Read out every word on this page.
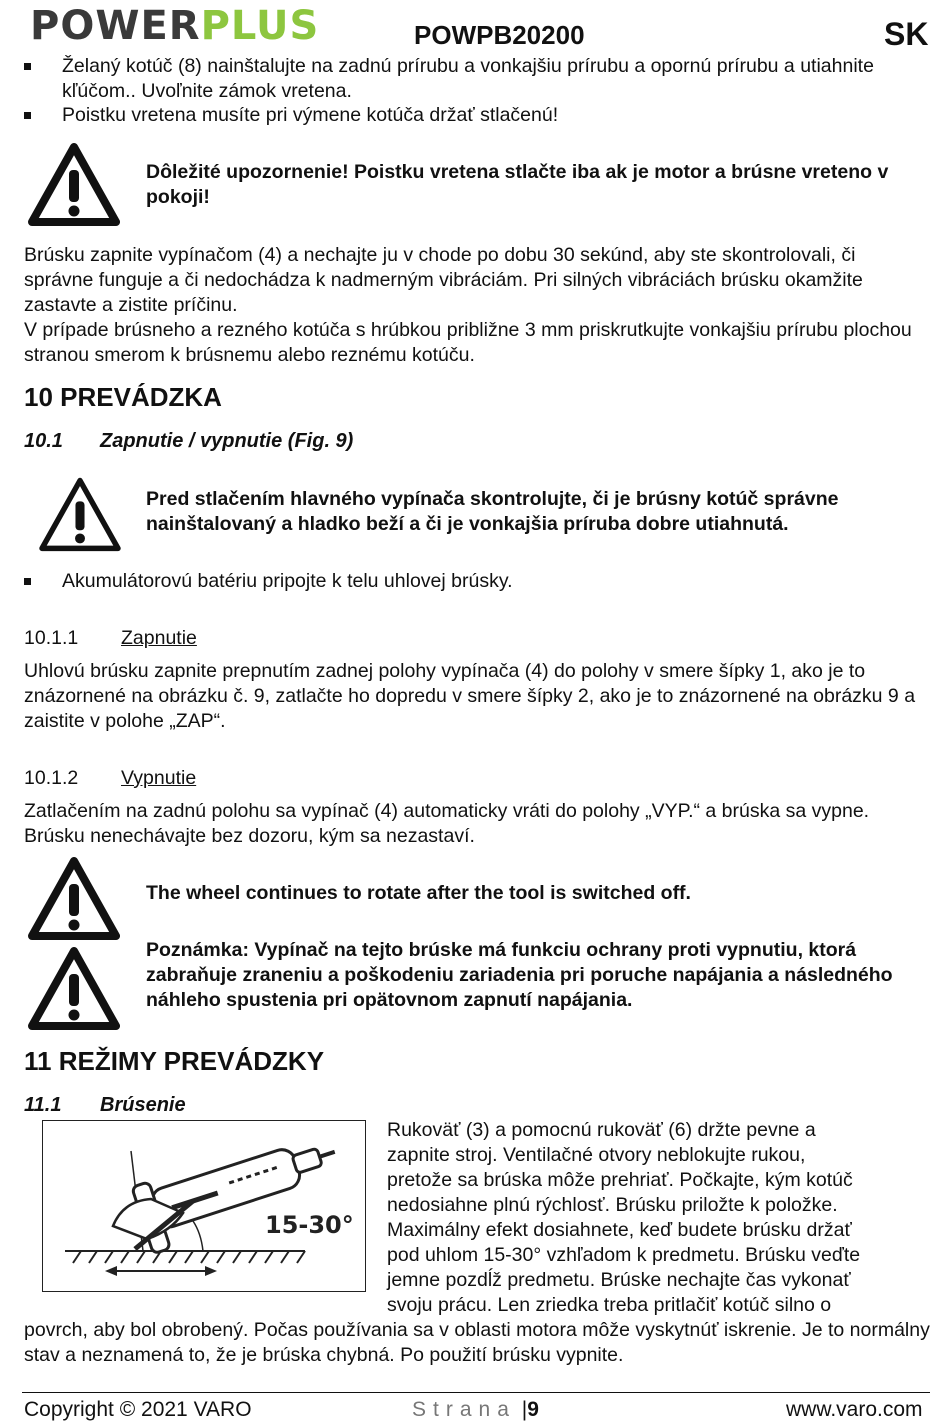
POWERPLUS	POWPB20200	SK
Želaný kotúč (8) nainštalujte na zadnú prírubu a vonkajšiu prírubu a opornú prírubu a utiahnite kľúčom.. Uvoľnite zámok vretena.
Poistku vretena musíte pri výmene kotúča držať stlačenú!
Dôležité upozornenie! Poistku vretena stlačte iba ak je motor a brúsne vreteno v pokoji!
Brúsku zapnite vypínačom (4) a nechajte ju v chode po dobu 30 sekúnd, aby ste skontrolovali, či správne funguje a či nedochádza k nadmerným vibráciám. Pri silných vibráciách brúsku okamžite zastavte a zistite príčinu.
V prípade brúsneho a rezného kotúča s hrúbkou približne 3 mm priskrutkujte vonkajšiu prírubu plochou stranou smerom k brúsnemu alebo reznému kotúču.
10 PREVÁDZKA
10.1 Zapnutie / vypnutie (Fig. 9)
Pred stlačením hlavného vypínača skontrolujte, či je brúsny kotúč správne nainštalovaný a hladko beží a či je vonkajšia príruba dobre utiahnutá.
Akumulátorovú batériu pripojte k telu uhlovej brúsky.
10.1.1 Zapnutie
Uhlovú brúsku zapnite prepnutím zadnej polohy vypínača (4) do polohy v smere šípky 1, ako je to znázornené na obrázku č. 9, zatlačte ho dopredu v smere šípky 2, ako je to znázornené na obrázku 9 a zaistite v polohe „ZAP“.
10.1.2 Vypnutie
Zatlačením na zadnú polohu sa vypínač (4) automaticky vráti do polohy „VYP.“ a brúska sa vypne. Brúsku nenechávajte bez dozoru, kým sa nezastaví.
The wheel continues to rotate after the tool is switched off.
Poznámka: Vypínač na tejto brúske má funkciu ochrany proti vypnutiu, ktorá zabraňuje zraneniu a poškodeniu zariadenia pri poruche napájania a následného náhleho spustenia pri opätovnom zapnutí napájania.
11 REŽIMY PREVÁDZKY
11.1 Brúsenie
15-30°
Rukoväť (3) a pomocnú rukoväť (6) držte pevne a
zapnite stroj. Ventilačné otvory neblokujte rukou,
pretože sa brúska môže prehriať. Počkajte, kým kotúč
nedosiahne plnú rýchlosť. Brúsku priložte k položke.
Maximálny efekt dosiahnete, keď budete brúsku držať
pod uhlom 15-30° vzhľadom k predmetu. Brúsku veďte
jemne pozdĺž predmetu. Brúske nechajte čas vykonať
svoju prácu. Len zriedka treba pritlačiť kotúč silno o
povrch, aby bol obrobený. Počas používania sa v oblasti motora môže vyskytnúť iskrenie. Je to normálny stav a neznamená to, že je brúska chybná. Po použití brúsku vypnite.
Copyright © 2021 VARO	Strana |9	www.varo.com
